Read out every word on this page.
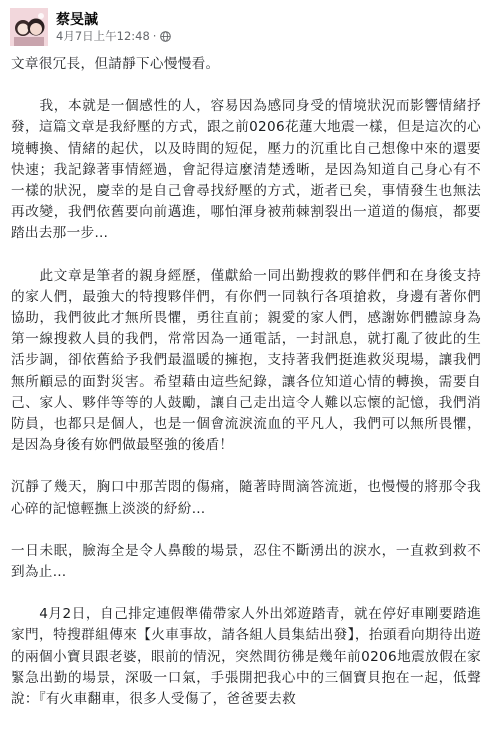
蔡旻諴
4月7日上午12:48 ·

文章很冗長，但請靜下心慢慢看。

　　我，本就是一個感性的人，容易因為感同身受的情境狀況而影響情緒抒發，這篇文章是我紓壓的方式，跟之前0206花蓮大地震一樣，但是這次的心境轉換、情緒的起伏，以及時間的短促，壓力的沉重比自己想像中來的還要快速；我記錄著事情經過，會記得這麼清楚透晰，是因為知道自己身心有不一樣的狀況，慶幸的是自己會尋找紓壓的方式，逝者已矣，事情發生也無法再改變，我們依舊要向前邁進，哪怕渾身被荊棘割裂出一道道的傷痕，都要踏出去那一步…

　　此文章是筆者的親身經歷，僅獻給一同出勤搜救的夥伴們和在身後支持的家人們，最強大的特搜夥伴們，有你們一同執行各項搶救，身邊有著你們協助，我們彼此才無所畏懼，勇往直前；親愛的家人們，感謝妳們體諒身為第一線搜救人員的我們，常常因為一通電話，一封訊息，就打亂了彼此的生活步調，卻依舊給予我們最溫暖的擁抱，支持著我們挺進救災現場，讓我們無所顧忌的面對災害。希望藉由這些紀錄，讓各位知道心情的轉換，需要自己、家人、夥伴等等的人鼓勵，讓自己走出這令人難以忘懷的記憶，我們消防員，也都只是個人，也是一個會流淚流血的平凡人，我們可以無所畏懼，是因為身後有妳們做最堅強的後盾！

沉靜了幾天，胸口中那苦悶的傷痛，隨著時間滴答流逝，也慢慢的將那令我心碎的記憶輕撫上淡淡的紓紛…

一日未眠，臉海全是令人鼻酸的場景，忍住不斷湧出的淚水，一直救到救不到為止…

　　4月2日，自己排定連假準備帶家人外出郊遊踏青，就在停好車剛要踏進家門，特搜群組傳來【火車事故，請各組人員集結出發】，抬頭看向期待出遊的兩個小寶貝跟老婆，眼前的情況，突然間彷彿是幾年前0206地震放假在家緊急出勤的場景，深吸一口氣，手張開把我心中的三個寶貝抱在一起，低聲說：『有火車翻車，很多人受傷了，爸爸要去救
